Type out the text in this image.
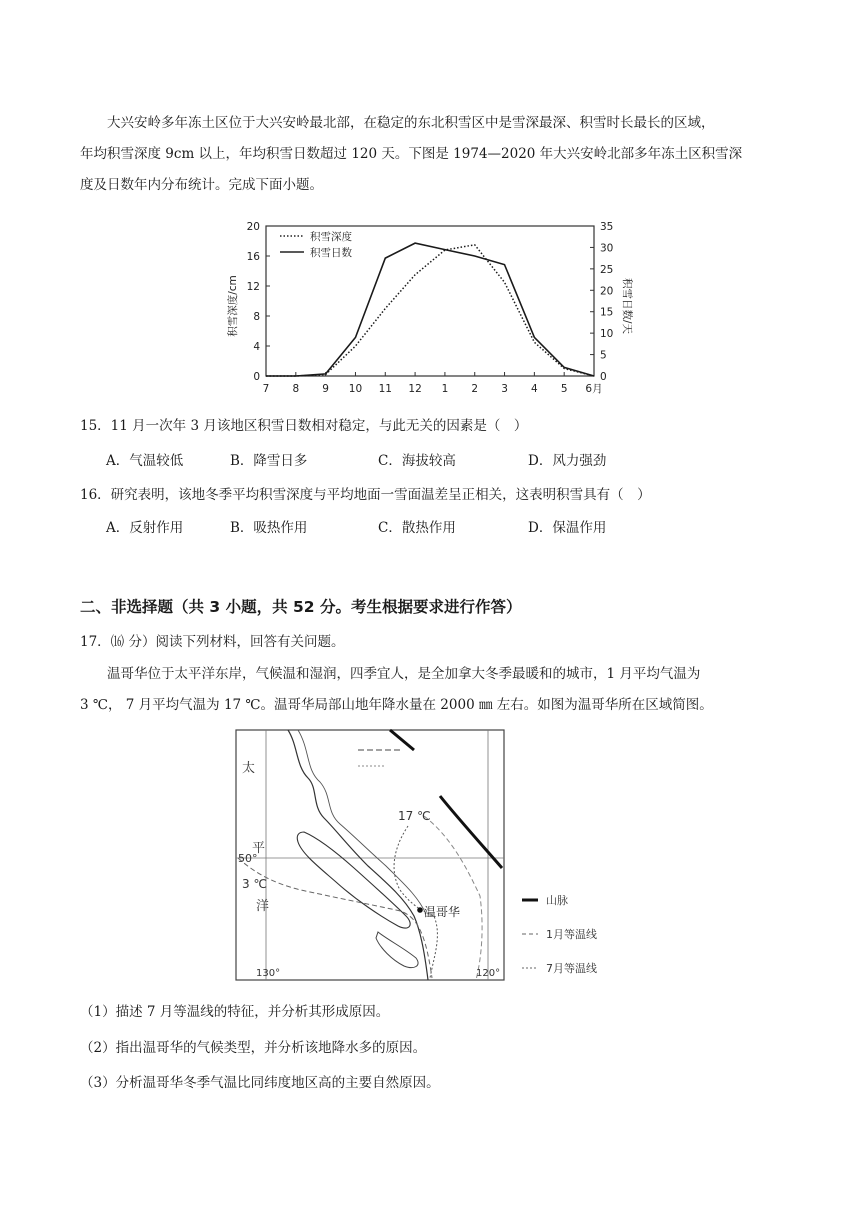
大兴安岭多年冻土区位于大兴安岭最北部，在稳定的东北积雪区中是雪深最深、积雪时长最长的区域，
年均积雪深度 9cm 以上，年均积雪日数超过 120 天。下图是 1974—2020 年大兴安岭北部多年冻土区积雪深
度及日数年内分布统计。完成下面小题。
0
4
8
12
16
20
0
5
10
15
20
25
30
35
7 8 9 10 11 12 1 2 3 4 5 6月
积雪深度
积雪日数
积雪深度/cm	积雪日数/天
15．11 月一次年 3 月该地区积雪日数相对稳定，与此无关的因素是（　）
A．气温较低	B．降雪日多	C．海拔较高	D．风力强劲
16．研究表明，该地冬季平均积雪深度与平均地面一雪面温差呈正相关，这表明积雪具有（　）
A．反射作用	B．吸热作用	C．散热作用	D．保温作用
二、非选择题（共 3 小题，共 52 分。考生根据要求进行作答）
17．⒃ 分）阅读下列材料，回答有关问题。
温哥华位于太平洋东岸，气候温和湿润，四季宜人，是全加拿大冬季最暖和的城市，1 月平均气温为
3 ℃， 7 月平均气温为 17 ℃。温哥华局部山地年降水量在 2000 ㎜ 左右。如图为温哥华所在区域简图。
太
平
洋
50°
130°	120°
17 ℃
3 ℃
温哥华
山脉
1月等温线
7月等温线
（1）描述 7 月等温线的特征，并分析其形成原因。
（2）指出温哥华的气候类型，并分析该地降水多的原因。
（3）分析温哥华冬季气温比同纬度地区高的主要自然原因。
